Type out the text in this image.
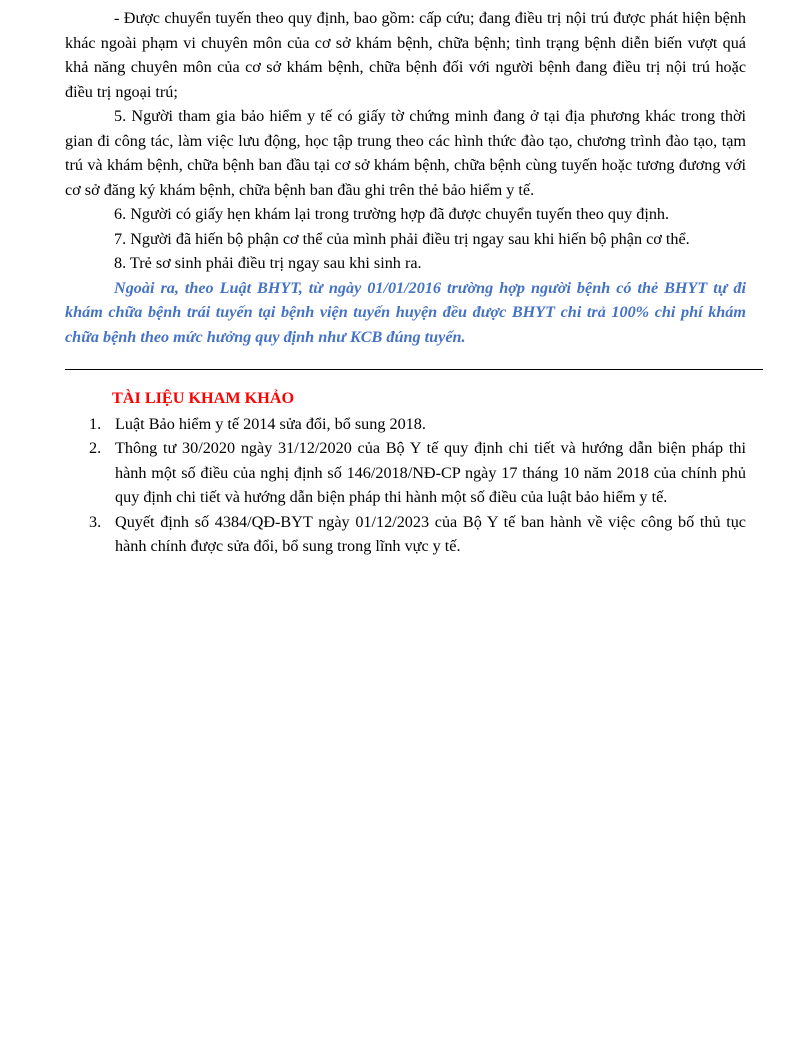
- Được chuyển tuyến theo quy định, bao gồm: cấp cứu; đang điều trị nội trú được phát hiện bệnh khác ngoài phạm vi chuyên môn của cơ sở khám bệnh, chữa bệnh; tình trạng bệnh diễn biến vượt quá khả năng chuyên môn của cơ sở khám bệnh, chữa bệnh đối với người bệnh đang điều trị nội trú hoặc điều trị ngoại trú;

5. Người tham gia bảo hiểm y tế có giấy tờ chứng minh đang ở tại địa phương khác trong thời gian đi công tác, làm việc lưu động, học tập trung theo các hình thức đào tạo, chương trình đào tạo, tạm trú và khám bệnh, chữa bệnh ban đầu tại cơ sở khám bệnh, chữa bệnh cùng tuyến hoặc tương đương với cơ sở đăng ký khám bệnh, chữa bệnh ban đầu ghi trên thẻ bảo hiểm y tế.

6. Người có giấy hẹn khám lại trong trường hợp đã được chuyển tuyến theo quy định.

7. Người đã hiến bộ phận cơ thể của mình phải điều trị ngay sau khi hiến bộ phận cơ thể.

8. Trẻ sơ sinh phải điều trị ngay sau khi sinh ra.

Ngoài ra, theo Luật BHYT, từ ngày 01/01/2016 trường hợp người bệnh có thẻ BHYT tự đi khám chữa bệnh trái tuyến tại bệnh viện tuyến huyện đều được BHYT chi trả 100% chi phí khám chữa bệnh theo mức hưởng quy định như KCB đúng tuyến.

TÀI LIỆU KHAM KHẢO

1. Luật Bảo hiểm y tế 2014 sửa đổi, bổ sung 2018.
2. Thông tư 30/2020 ngày 31/12/2020 của Bộ Y tế quy định chi tiết và hướng dẫn biện pháp thi hành một số điều của nghị định số 146/2018/NĐ-CP ngày 17 tháng 10 năm 2018 của chính phủ quy định chi tiết và hướng dẫn biện pháp thi hành một số điều của luật bảo hiểm y tế.
3. Quyết định số 4384/QĐ-BYT ngày 01/12/2023 của Bộ Y tế ban hành về việc công bố thủ tục hành chính được sửa đổi, bổ sung trong lĩnh vực y tế.
